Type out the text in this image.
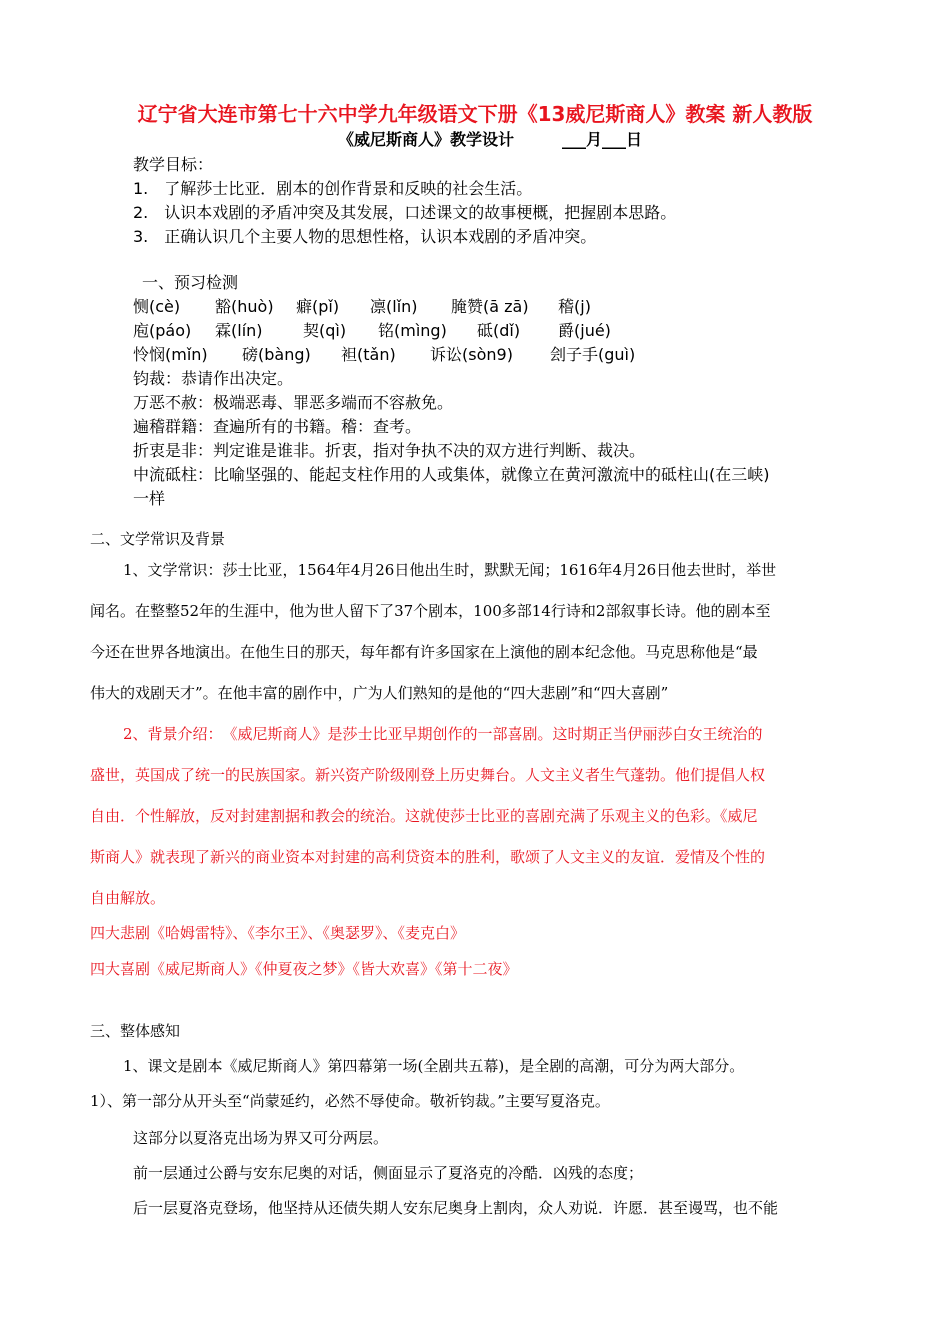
辽宁省大连市第七十六中学九年级语文下册《13威尼斯商人》教案 新人教版
《威尼斯商人》教学设计　　　___月___日
教学目标：
1.　了解莎士比亚．剧本的创作背景和反映的社会生活。
2.　认识本戏剧的矛盾冲突及其发展，口述课文的故事梗概，把握剧本思路。
3.　正确认识几个主要人物的思想性格，认识本戏剧的矛盾冲突。
一、预习检测
恻(cè) 豁(huò) 癖(pǐ) 凛(lǐn) 腌赞(ā zā) 稽(j)
庖(páo) 霖(lín)	契(qì) 铭(mìng) 砥(dǐ) 爵(jué)
怜悯(mǐn) 磅(bàng) 袒(tǎn) 诉讼(sòn9) 刽子手(guì)
钧裁：恭请作出决定。
万恶不赦：极端恶毒、罪恶多端而不容赦免。
遍稽群籍：查遍所有的书籍。稽：查考。
折衷是非：判定谁是谁非。折衷，指对争执不决的双方进行判断、裁决。
中流砥柱：比喻坚强的、能起支柱作用的人或集体，就像立在黄河激流中的砥柱山(在三峡)
一样
二、文学常识及背景
1、文学常识：莎士比亚，1564年4月26日他出生时，默默无闻；1616年4月26日他去世时，举世
闻名。在整整52年的生涯中，他为世人留下了37个剧本，100多部14行诗和2部叙事长诗。他的剧本至
今还在世界各地演出。在他生日的那天，每年都有许多国家在上演他的剧本纪念他。马克思称他是“最
伟大的戏剧天才”。在他丰富的剧作中，广为人们熟知的是他的“四大悲剧”和“四大喜剧”
2、背景介绍：　《威尼斯商人》是莎士比亚早期创作的一部喜剧。这时期正当伊丽莎白女王统治的
盛世，英国成了统一的民族国家。新兴资产阶级刚登上历史舞台。人文主义者生气蓬勃。他们提倡人权
自由．个性解放，反对封建割据和教会的统治。这就使莎士比亚的喜剧充满了乐观主义的色彩。《威尼
斯商人》就表现了新兴的商业资本对封建的高利贷资本的胜利，歌颂了人文主义的友谊．爱情及个性的
自由解放。
四大悲剧《哈姆雷特》、《李尔王》、《奥瑟罗》、《麦克白》
四大喜剧《威尼斯商人》《仲夏夜之梦》《皆大欢喜》《第十二夜》
三、整体感知
1、课文是剧本《威尼斯商人》第四幕第一场(全剧共五幕)，是全剧的高潮，可分为两大部分。
1）、第一部分从开头至“尚蒙延约，必然不辱使命。敬祈钧裁。”主要写夏洛克。
这部分以夏洛克出场为界又可分两层。
前一层通过公爵与安东尼奥的对话，侧面显示了夏洛克的冷酷．凶残的态度；
后一层夏洛克登场，他坚持从还债失期人安东尼奥身上割肉，众人劝说．许愿．甚至谩骂，也不能
